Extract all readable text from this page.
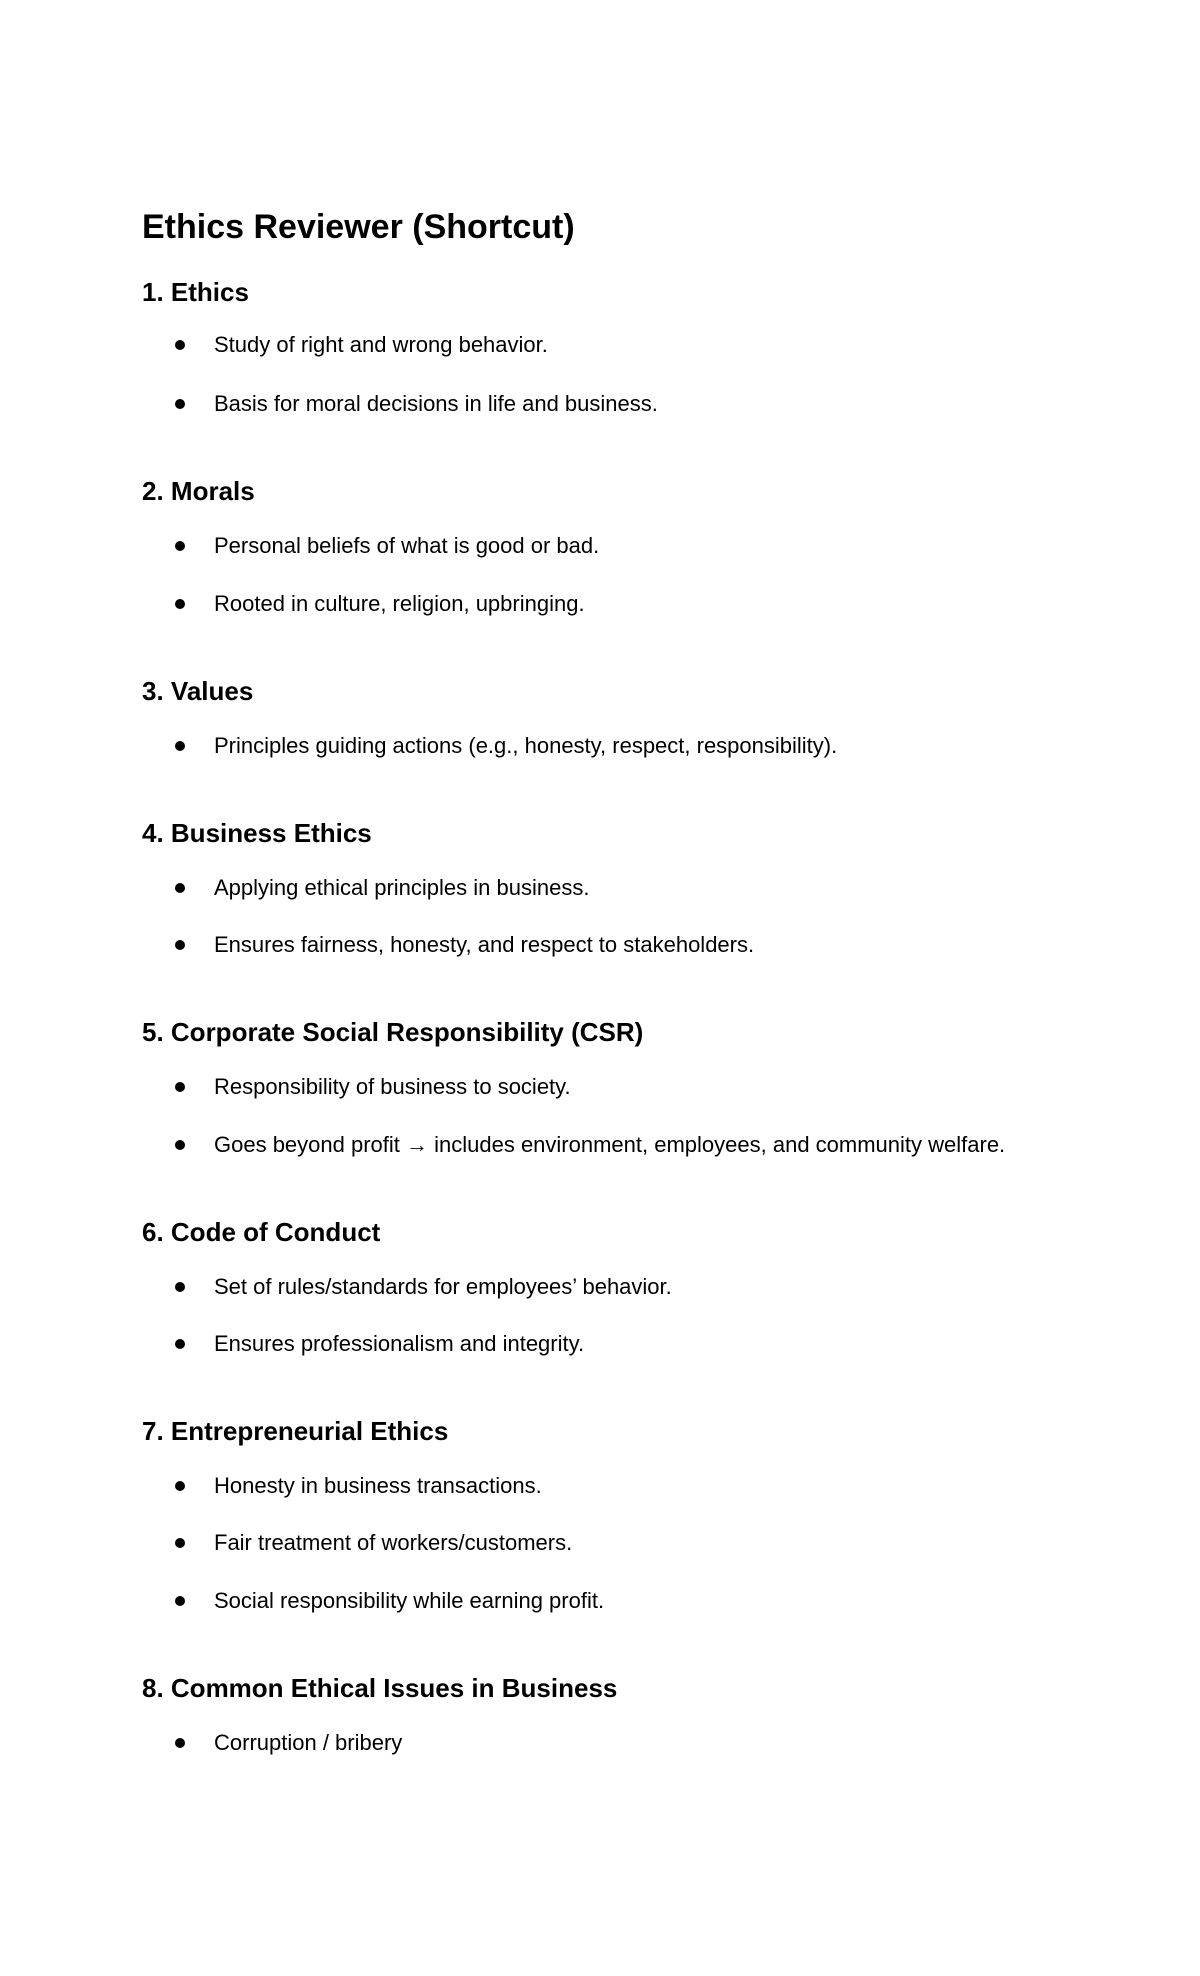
Ethics Reviewer (Shortcut)
1. Ethics
Study of right and wrong behavior.
Basis for moral decisions in life and business.
2. Morals
Personal beliefs of what is good or bad.
Rooted in culture, religion, upbringing.
3. Values
Principles guiding actions (e.g., honesty, respect, responsibility).
4. Business Ethics
Applying ethical principles in business.
Ensures fairness, honesty, and respect to stakeholders.
5. Corporate Social Responsibility (CSR)
Responsibility of business to society.
Goes beyond profit → includes environment, employees, and community welfare.
6. Code of Conduct
Set of rules/standards for employees’ behavior.
Ensures professionalism and integrity.
7. Entrepreneurial Ethics
Honesty in business transactions.
Fair treatment of workers/customers.
Social responsibility while earning profit.
8. Common Ethical Issues in Business
Corruption / bribery
